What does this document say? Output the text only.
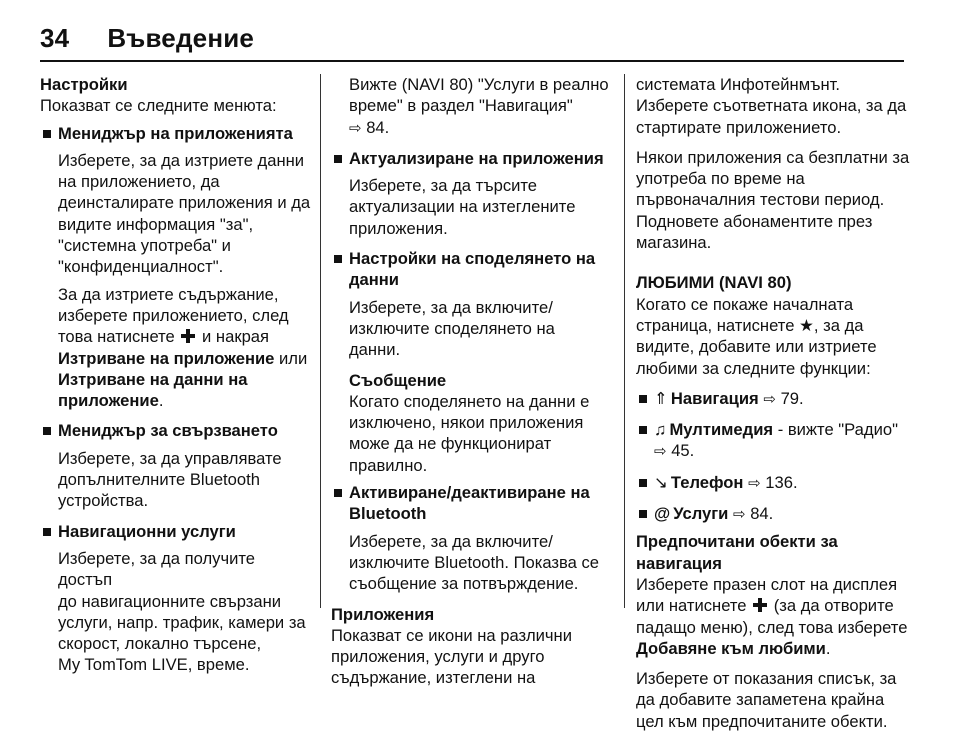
34 Въведение

Настройки

Показват се следните менюта:

Мениджър на приложенията

Изберете, за да изтриете данни

на приложението, да

деинсталирате приложения и да

видите информация "за",

"системна употреба" и

"конфиденциалност".

За да изтриете съдържание,

изберете приложението, след

това натиснете и накрая

Изтриване на приложение или

Изтриване на данни на

приложение.

Мениджър за свързването

Изберете, за да управлявате

допълнителните Bluetooth

устройства.

Навигационни услуги

Изберете, за да получите достъп

до навигационните свързани

услуги, напр. трафик, камери за

скорост, локално търсене,

My TomTom LIVE, време.

Вижте (NAVI 80) "Услуги в реално

време" в раздел "Навигация"

⇨ 84.

Актуализиране на приложения

Изберете, за да търсите

актуализации на изтеглените

приложения.

Настройки на споделянето на

данни

Изберете, за да включите/

изключите споделянето на

данни.

Съобщение

Когато споделянето на данни е

изключено, някои приложения

може да не функционират

правилно.

Активиране/деактивиране на

Bluetooth

Изберете, за да включите/

изключите Bluetooth. Показва се

съобщение за потвърждение.

Приложения

Показват се икони на различни

приложения, услуги и друго

съдържание, изтеглени на

системата Инфотейнмънт.

Изберете съответната икона, за да

стартирате приложението.

Някои приложения са безплатни за

употреба по време на

първоначалния тестови период.

Подновете абонаментите през

магазина.

ЛЮБИМИ (NAVI 80)

Когато се покаже началната

страница, натиснете ★, за да

видите, добавите или изтриете

любими за следните функции:

⇑ Навигация ⇨ 79.
♫ Мултимедия - вижте "Радио"
⇨ 45.
↘ Телефон ⇨ 136.
@ Услуги ⇨ 84.

Предпочитани обекти за навигация

Изберете празен слот на дисплея

или натиснете (за да отворите

падащо меню), след това изберете

Добавяне към любими.

Изберете от показания списък, за

да добавите запаметена крайна

цел към предпочитаните обекти.
